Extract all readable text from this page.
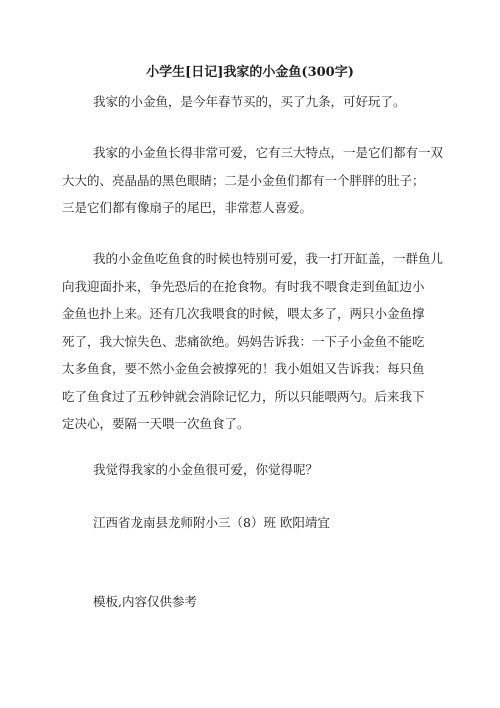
小学生[日记]我家的小金鱼(300字)

我家的小金鱼，是今年春节买的，买了九条，可好玩了。

我家的小金鱼长得非常可爱，它有三大特点，一是它们都有一双
大大的、亮晶晶的黑色眼睛；二是小金鱼们都有一个胖胖的肚子；
三是它们都有像扇子的尾巴，非常惹人喜爱。

我的小金鱼吃鱼食的时候也特别可爱，我一打开缸盖，一群鱼儿
向我迎面扑来，争先恐后的在抢食物。有时我不喂食走到鱼缸边小
金鱼也扑上来。还有几次我喂食的时候，喂太多了，两只小金鱼撑
死了，我大惊失色、悲痛欲绝。妈妈告诉我：一下子小金鱼不能吃
太多鱼食，要不然小金鱼会被撑死的！我小姐姐又告诉我：每只鱼
吃了鱼食过了五秒钟就会消除记忆力，所以只能喂两勺。后来我下
定决心，要隔一天喂一次鱼食了。

我觉得我家的小金鱼很可爱，你觉得呢？

江西省龙南县龙师附小三（8）班 欧阳靖宜

模板,内容仅供参考
